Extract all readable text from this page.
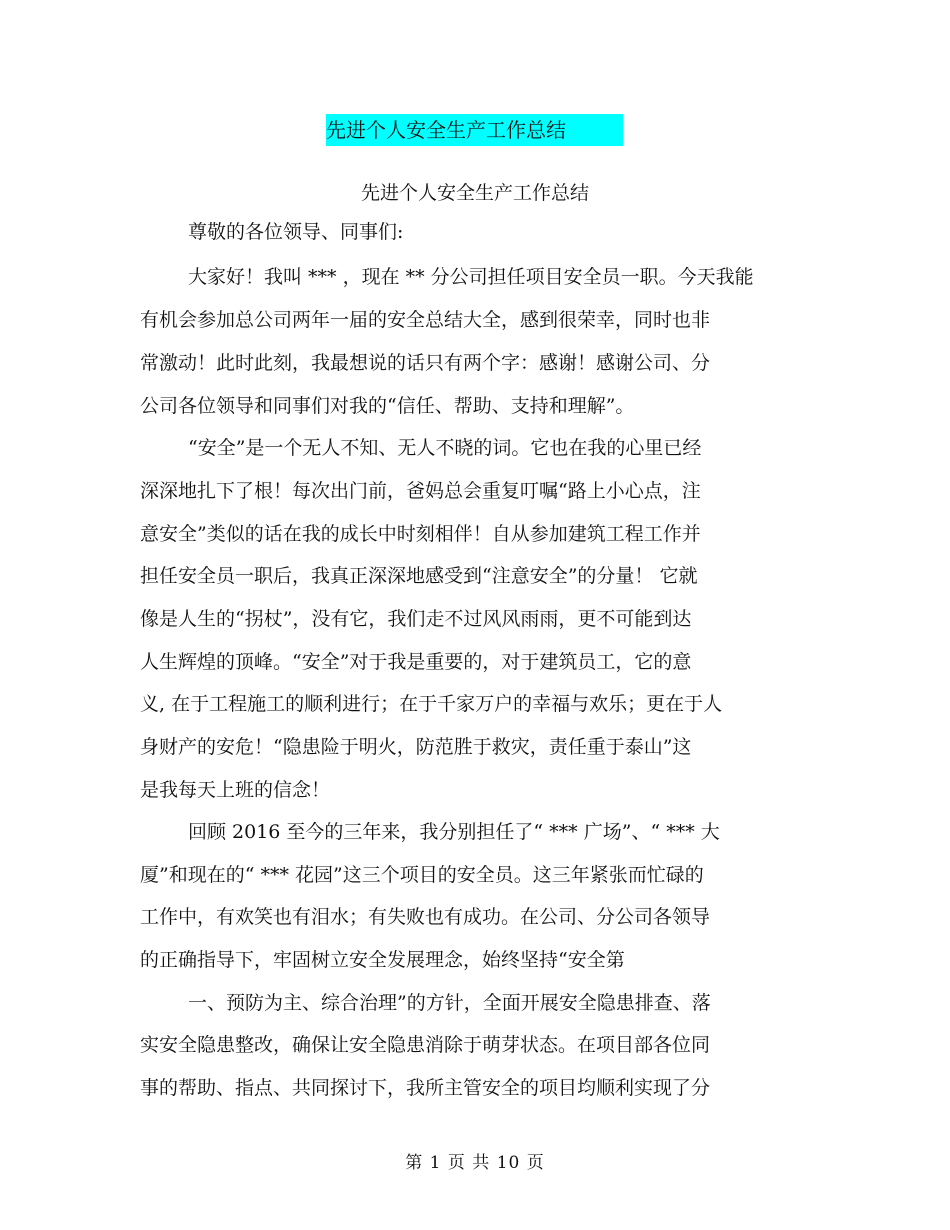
先进个人安全生产工作总结
先进个人安全生产工作总结
尊敬的各位领导、同事们:
大家好！我叫 *** ，现在 ** 分公司担任项目安全员一职。今天我能
有机会参加总公司两年一届的安全总结大全，感到很荣幸，同时也非
常激动！此时此刻，我最想说的话只有两个字：感谢！感谢公司、分
公司各位领导和同事们对我的“信任、帮助、支持和理解”。
“安全”是一个无人不知、无人不晓的词。它也在我的心里已经
深深地扎下了根！每次出门前，爸妈总会重复叮嘱“路上小心点，注
意安全”类似的话在我的成长中时刻相伴！自从参加建筑工程工作并
担任安全员一职后，我真正深深地感受到“注意安全”的分量！ 它就
像是人生的“拐杖”，没有它，我们走不过风风雨雨，更不可能到达
人生辉煌的顶峰。“安全”对于我是重要的，对于建筑员工，它的意
义, 在于工程施工的顺利进行；在于千家万户的幸福与欢乐；更在于人
身财产的安危！“隐患险于明火，防范胜于救灾，责任重于泰山”这
是我每天上班的信念！
回顾 2016 至今的三年来，我分别担任了“ *** 广场”、“ *** 大
厦”和现在的“ *** 花园”这三个项目的安全员。这三年紧张而忙碌的
工作中，有欢笑也有泪水；有失败也有成功。在公司、分公司各领导
的正确指导下，牢固树立安全发展理念，始终坚持“安全第
一、预防为主、综合治理”的方针，全面开展安全隐患排查、落
实安全隐患整改，确保让安全隐患消除于萌芽状态。在项目部各位同
事的帮助、指点、共同探讨下，我所主管安全的项目均顺利实现了分
第 1 页 共 10 页
